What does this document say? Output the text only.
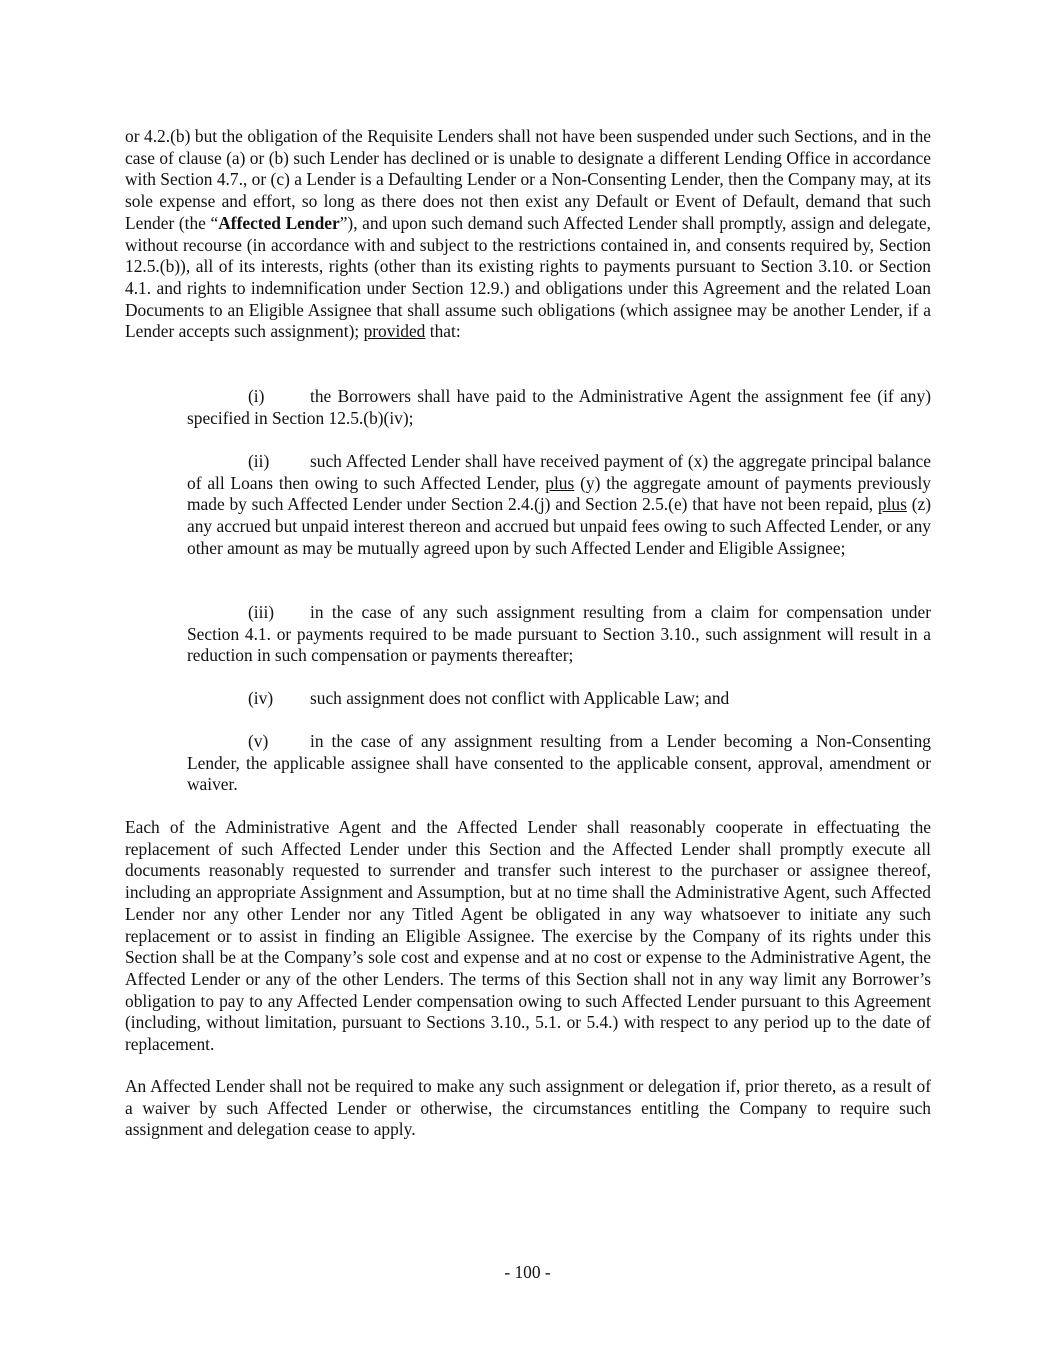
or 4.2.(b) but the obligation of the Requisite Lenders shall not have been suspended under such Sections, and in the case of clause (a) or (b) such Lender has declined or is unable to designate a different Lending Office in accordance with Section 4.7., or (c) a Lender is a Defaulting Lender or a Non-Consenting Lender, then the Company may, at its sole expense and effort, so long as there does not then exist any Default or Event of Default, demand that such Lender (the “Affected Lender”), and upon such demand such Affected Lender shall promptly, assign and delegate, without recourse (in accordance with and subject to the restrictions contained in, and consents required by, Section 12.5.(b)), all of its interests, rights (other than its existing rights to payments pursuant to Section 3.10. or Section 4.1. and rights to indemnification under Section 12.9.) and obligations under this Agreement and the related Loan Documents to an Eligible Assignee that shall assume such obligations (which assignee may be another Lender, if a Lender accepts such assignment); provided that:

(i)	the Borrowers shall have paid to the Administrative Agent the assignment fee (if any) specified in Section 12.5.(b)(iv);

(ii) such Affected Lender shall have received payment of (x) the aggregate principal balance of all Loans then owing to such Affected Lender, plus (y) the aggregate amount of payments previously made by such Affected Lender under Section 2.4.(j) and Section 2.5.(e) that have not been repaid, plus (z) any accrued but unpaid interest thereon and accrued but unpaid fees owing to such Affected Lender, or any other amount as may be mutually agreed upon by such Affected Lender and Eligible Assignee;

(iii) in the case of any such assignment resulting from a claim for compensation under Section 4.1. or payments required to be made pursuant to Section 3.10., such assignment will result in a reduction in such compensation or payments thereafter;

(iv) such assignment does not conflict with Applicable Law; and

(v) in the case of any assignment resulting from a Lender becoming a Non-Consenting Lender, the applicable assignee shall have consented to the applicable consent, approval, amendment or waiver.

Each of the Administrative Agent and the Affected Lender shall reasonably cooperate in effectuating the replacement of such Affected Lender under this Section and the Affected Lender shall promptly execute all documents reasonably requested to surrender and transfer such interest to the purchaser or assignee thereof, including an appropriate Assignment and Assumption, but at no time shall the Administrative Agent, such Affected Lender nor any other Lender nor any Titled Agent be obligated in any way whatsoever to initiate any such replacement or to assist in finding an Eligible Assignee. The exercise by the Company of its rights under this Section shall be at the Company’s sole cost and expense and at no cost or expense to the Administrative Agent, the Affected Lender or any of the other Lenders. The terms of this Section shall not in any way limit any Borrower’s obligation to pay to any Affected Lender compensation owing to such Affected Lender pursuant to this Agreement (including, without limitation, pursuant to Sections 3.10., 5.1. or 5.4.) with respect to any period up to the date of replacement.

An Affected Lender shall not be required to make any such assignment or delegation if, prior thereto, as a result of a waiver by such Affected Lender or otherwise, the circumstances entitling the Company to require such assignment and delegation cease to apply.

- 100 -
